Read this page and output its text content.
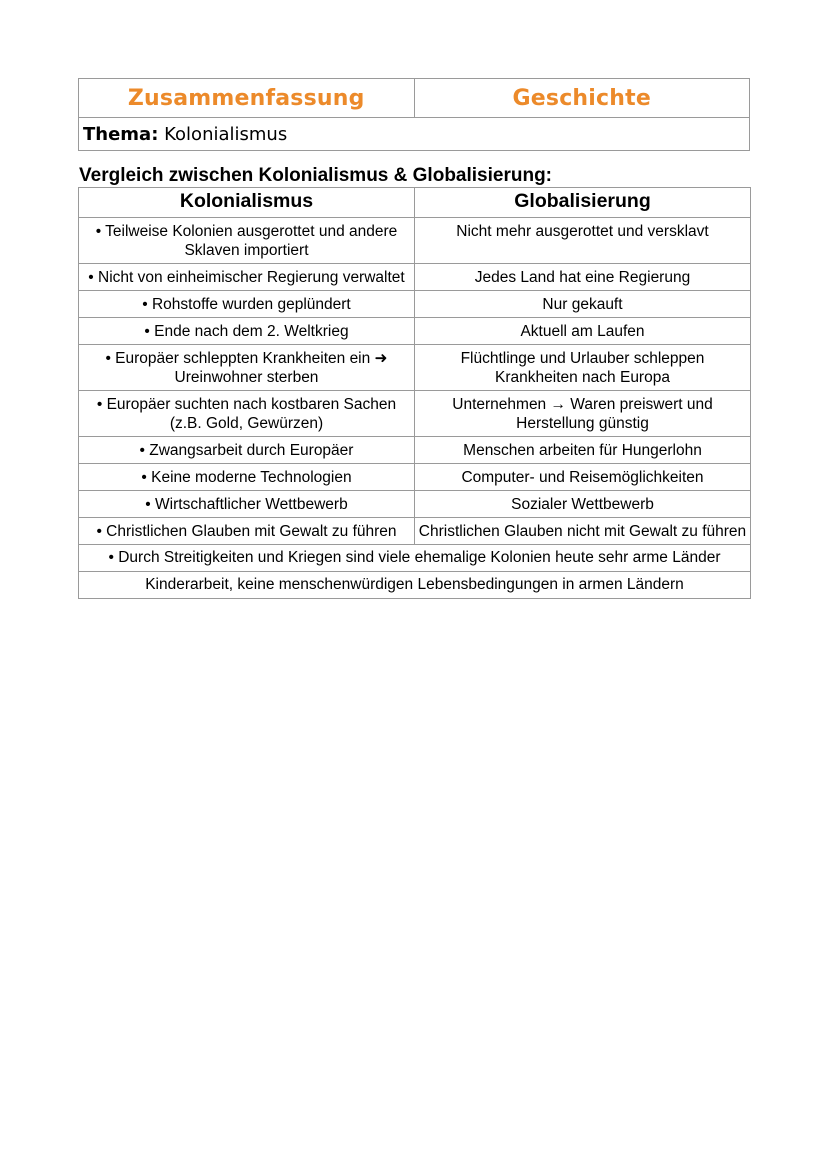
Zusammenfassung	Geschichte
Thema: Kolonialismus
Vergleich zwischen Kolonialismus & Globalisierung:
Kolonialismus	Globalisierung
• Teilweise Kolonien ausgerottet und andere Sklaven importiert	Nicht mehr ausgerottet und versklavt
• Nicht von einheimischer Regierung verwaltet	Jedes Land hat eine Regierung
• Rohstoffe wurden geplündert	Nur gekauft
• Ende nach dem 2. Weltkrieg	Aktuell am Laufen
• Europäer schleppten Krankheiten ein ➜ Ureinwohner sterben	Flüchtlinge und Urlauber schleppen Krankheiten nach Europa
• Europäer suchten nach kostbaren Sachen (z.B. Gold, Gewürzen)	Unternehmen → Waren preiswert und Herstellung günstig
• Zwangsarbeit durch Europäer	Menschen arbeiten für Hungerlohn
• Keine moderne Technologien	Computer- und Reisemöglichkeiten
• Wirtschaftlicher Wettbewerb	Sozialer Wettbewerb
• Christlichen Glauben mit Gewalt zu führen	Christlichen Glauben nicht mit Gewalt zu führen
• Durch Streitigkeiten und Kriegen sind viele ehemalige Kolonien heute sehr arme Länder	
Kinderarbeit, keine menschenwürdigen Lebensbedingungen in armen Ländern	
